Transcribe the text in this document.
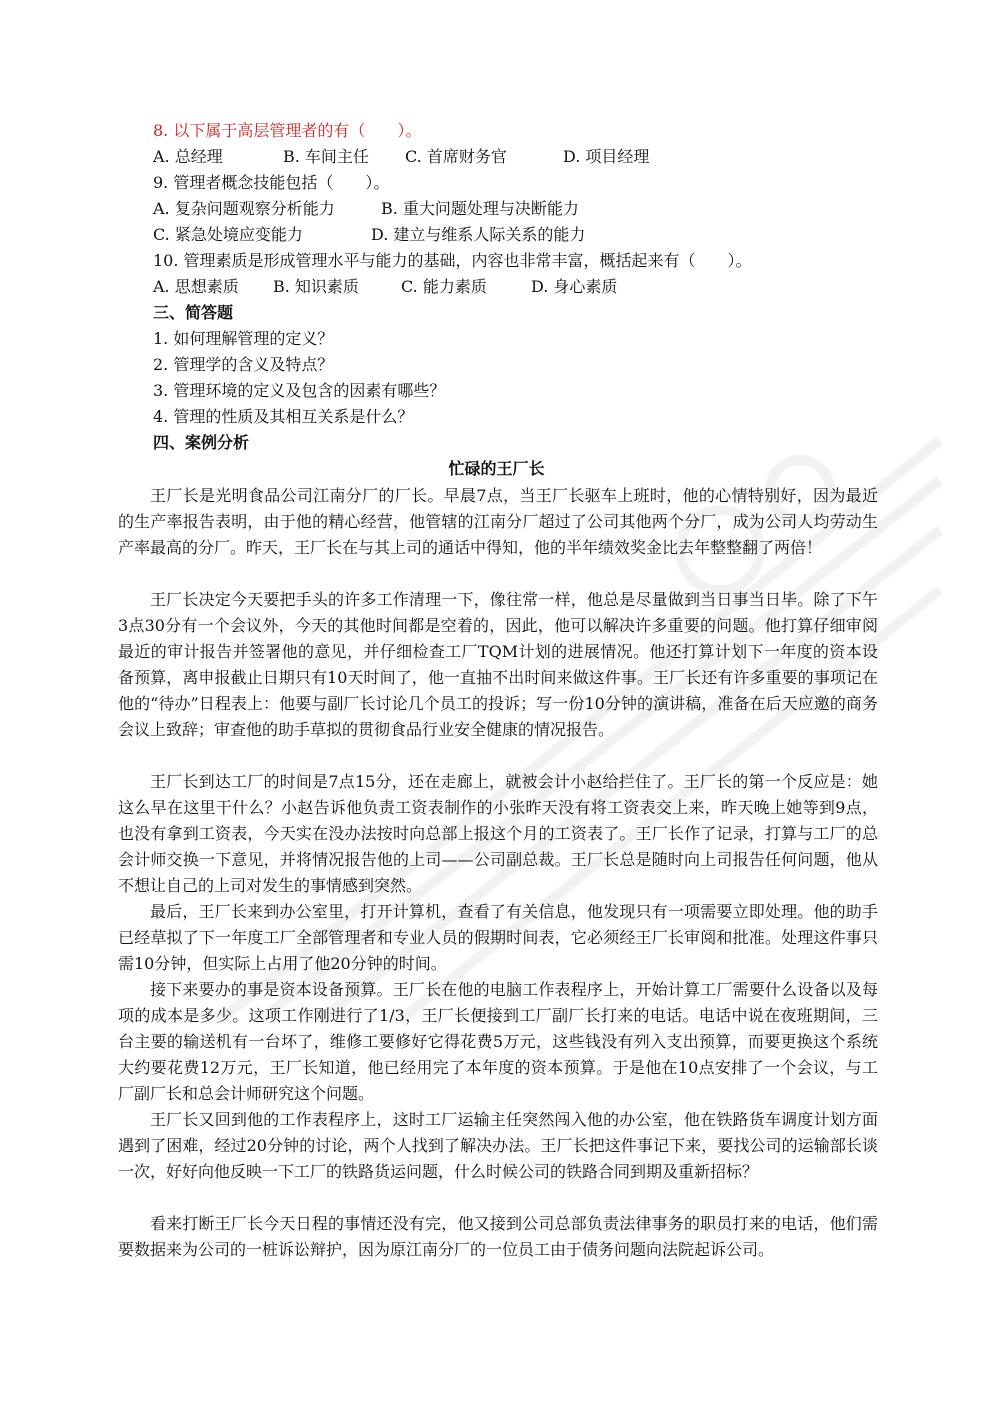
8. 以下属于高层管理者的有（　　）。
A. 总经理	B. 车间主任 C. 首席财务官	D. 项目经理
9. 管理者概念技能包括（　　）。
A. 复杂问题观察分析能力	B. 重大问题处理与决断能力
C. 紧急处境应变能力	D. 建立与维系人际关系的能力
10. 管理素质是形成管理水平与能力的基础，内容也非常丰富，概括起来有（　　）。
A. 思想素质 B. 知识素质	C. 能力素质	D. 身心素质
三、简答题
1. 如何理解管理的定义？
2. 管理学的含义及特点？
3. 管理环境的定义及包含的因素有哪些？
4. 管理的性质及其相互关系是什么？
四、案例分析
忙碌的王厂长

王厂长是光明食品公司江南分厂的厂长。早晨7点，当王厂长驱车上班时，他的心情特别好，因为最近的生产率报告表明，由于他的精心经营，他管辖的江南分厂超过了公司其他两个分厂，成为公司人均劳动生产率最高的分厂。昨天，王厂长在与其上司的通话中得知，他的半年绩效奖金比去年整整翻了两倍！

王厂长决定今天要把手头的许多工作清理一下，像往常一样，他总是尽量做到当日事当日毕。除了下午3点30分有一个会议外，今天的其他时间都是空着的，因此，他可以解决许多重要的问题。他打算仔细审阅最近的审计报告并签署他的意见，并仔细检查工厂TQM计划的进展情况。他还打算计划下一年度的资本设备预算，离申报截止日期只有10天时间了，他一直抽不出时间来做这件事。王厂长还有许多重要的事项记在他的“待办”日程表上：他要与副厂长讨论几个员工的投诉；写一份10分钟的演讲稿，准备在后天应邀的商务会议上致辞；审查他的助手草拟的贯彻食品行业安全健康的情况报告。

王厂长到达工厂的时间是7点15分，还在走廊上，就被会计小赵给拦住了。王厂长的第一个反应是：她这么早在这里干什么？小赵告诉他负责工资表制作的小张昨天没有将工资表交上来，昨天晚上她等到9点，也没有拿到工资表，今天实在没办法按时向总部上报这个月的工资表了。王厂长作了记录，打算与工厂的总会计师交换一下意见，并将情况报告他的上司——公司副总裁。王厂长总是随时向上司报告任何问题，他从不想让自己的上司对发生的事情感到突然。

最后，王厂长来到办公室里，打开计算机，查看了有关信息，他发现只有一项需要立即处理。他的助手已经草拟了下一年度工厂全部管理者和专业人员的假期时间表，它必须经王厂长审阅和批准。处理这件事只需10分钟，但实际上占用了他20分钟的时间。

接下来要办的事是资本设备预算。王厂长在他的电脑工作表程序上，开始计算工厂需要什么设备以及每项的成本是多少。这项工作刚进行了1/3，王厂长便接到工厂副厂长打来的电话。电话中说在夜班期间，三台主要的输送机有一台坏了，维修工要修好它得花费5万元，这些钱没有列入支出预算，而要更换这个系统大约要花费12万元，王厂长知道，他已经用完了本年度的资本预算。于是他在10点安排了一个会议，与工厂副厂长和总会计师研究这个问题。

王厂长又回到他的工作表程序上，这时工厂运输主任突然闯入他的办公室，他在铁路货车调度计划方面遇到了困难，经过20分钟的讨论，两个人找到了解决办法。王厂长把这件事记下来，要找公司的运输部长谈一次，好好向他反映一下工厂的铁路货运问题，什么时候公司的铁路合同到期及重新招标？

看来打断王厂长今天日程的事情还没有完，他又接到公司总部负责法律事务的职员打来的电话，他们需要数据来为公司的一桩诉讼辩护，因为原江南分厂的一位员工由于债务问题向法院起诉公司。
